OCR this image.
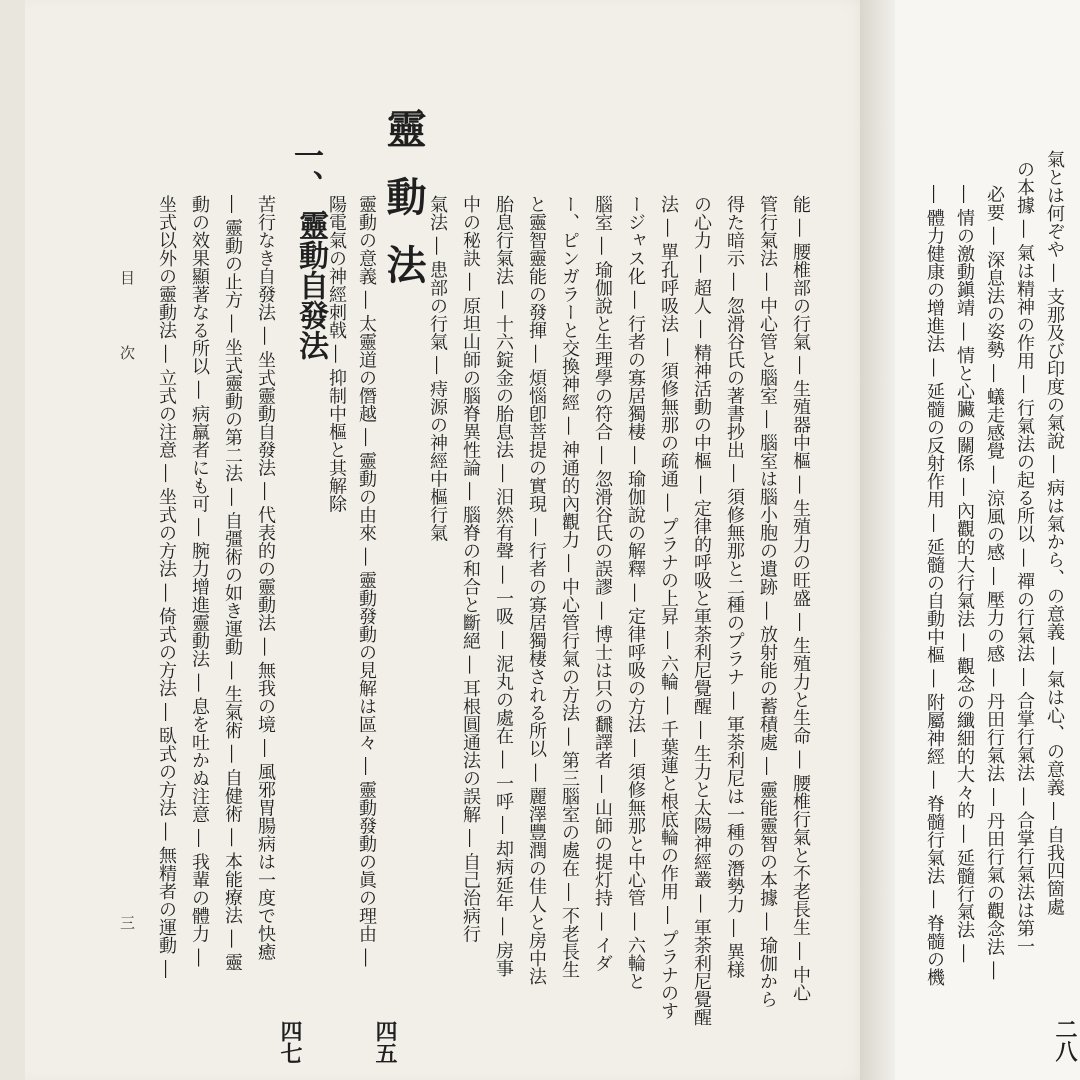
坐式以外の靈動法 ― 立式の注意 ― 坐式の方法 ― 倚式の方法 ― 臥式の方法 ― 無精者の運動 ― 動の效果顯著なる所以 ― 病羸者にも可 ― 腕力增進靈動法 ― 息を吐かぬ注意 ― 我輩の體力 ― ― 靈動の止方 ― 坐式靈動の第二法 ― 自彊術の如き運動 ― 生氣術 ― 自健術 ― 本能療法 ― 靈 苦行なき自發法 ― 坐式靈動自發法 ― 代表的の靈動法 ― 無我の境 ― 風邪胃腸病は一度で快癒
一、
靈動自發法
四七
陽電氣の神經刺戟 ― 抑制中樞と其解除 靈動の意義 ― 太靈道の僭越 ― 靈動の由來 ― 靈動發動の見解は區々 ― 靈動發動の眞の理由 ― 靈動法
四五
氣法 ― 患部の行氣 ― 痔源の神經中樞行氣 中の秘訣 ― 原坦山師の腦脊異性論 ― 腦脊の和合と斷絕 ― 耳根圓通法の誤解 ― 自己治病行 胎息行氣法 ― 十六錠金の胎息法 ― 汨然有聲 ― 一吸 ― 泥丸の處在 ― 一呼 ― 却病延年 ― 房事 と靈智靈能の發揮 ― 煩惱卽菩提の實現 ― 行者の寡居獨棲される所以 ― 麗澤豐潤の佳人と房中法 ー、ピンガラーと交換神經 ― 神通的內觀力 ― 中心管行氣の方法 ― 第三腦室の處在 ― 不老長生 腦室 ― 瑜伽說と生理學の符合 ― 忽滑谷氏の誤謬 ― 博士は只の飜譯者 ― 山師の提灯持 ― イダ ージャス化 ― 行者の寡居獨棲 ― 瑜伽說の解釋 ― 定律呼吸の方法 ― 須修無那と中心管 ― 六輪と 法 ― 單孔呼吸法 ― 須修無那の疏通 ― プラナの上昇 ― 六輪 ― 千葉蓮と根底輪の作用 ― プラナのす の心力 ― 超人 ― 精神活動の中樞 ― 定律的呼吸と軍荼利尼覺醒 ― 生力と太陽神經叢 ― 軍荼利尼覺醒 得た暗示 ― 忽滑谷氏の著書抄出 ― 須修無那と二種のプラナ ― 軍荼利尼は一種の潛勢力 ― 異様 管行氣法 ― 中心管と腦室 ― 腦室は腦小胞の遺跡 ― 放射能の蓄積處 ― 靈能靈智の本據 ― 瑜伽から 能 ― 腰椎部の行氣 ― 生殖器中樞 ― 生殖力の旺盛 ― 生殖力と生命 ― 腰椎行氣と不老長生 ― 中心
目次
三	― 體力健康の增進法 ― 延髓の反射作用 ― 延髓の自動中樞 ― 附屬神經 ― 脊髓行氣法 ― 脊髓の機 ― 情の激動鎭靖 ― 情と心臟の關係 ― 內觀的大行氣法 ― 觀念の纖細的大々的 ― 延髓行氣法 ― 必要 ― 深息法の姿勢 ― 蟻走感覺 ― 涼風の感 ― 壓力の感 ― 丹田行氣法 ― 丹田行氣の觀念法 ― の本據 ― 氣は精神の作用 ― 行氣法の起る所以 ― 禪の行氣法 ― 合掌行氣法 ― 合掌行氣法は第一 氣とは何ぞや ― 支那及び印度の氣說 ― 病は氣から、の意義 ― 氣は心、の意義 ― 自我四箇處
二八
